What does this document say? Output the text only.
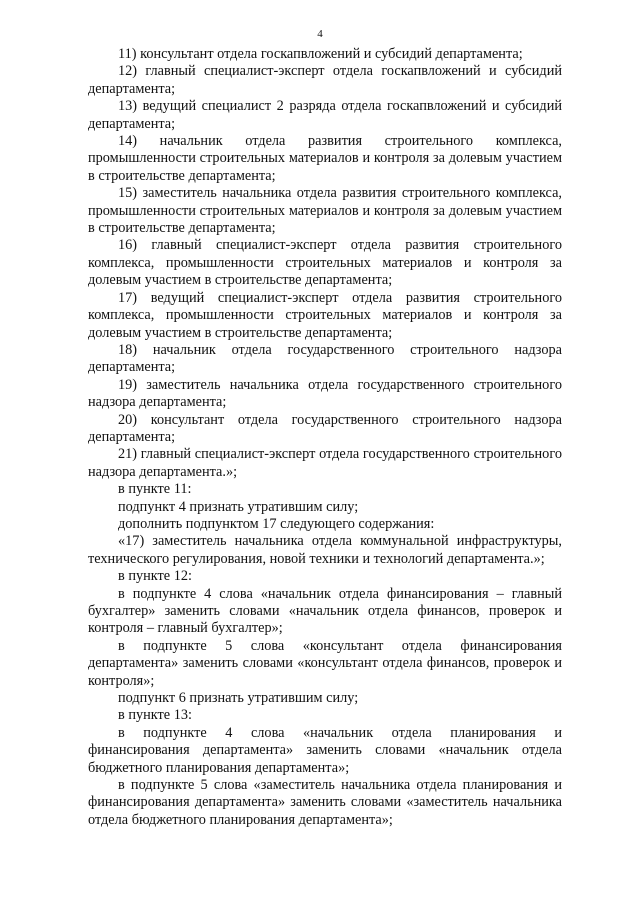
4

11) консультант отдела госкапвложений и субсидий департамента;

12) главный специалист-эксперт отдела госкапвложений и субсидий департамента;

13) ведущий специалист 2 разряда отдела госкапвложений и субсидий департамента;

14) начальник отдела развития строительного комплекса, промышленности строительных материалов и контроля за долевым участием в строительстве департамента;

15) заместитель начальника отдела развития строительного комплекса, промышленности строительных материалов и контроля за долевым участием в строительстве департамента;

16) главный специалист-эксперт отдела развития строительного комплекса, промышленности строительных материалов и контроля за долевым участием в строительстве департамента;

17) ведущий специалист-эксперт отдела развития строительного комплекса, промышленности строительных материалов и контроля за долевым участием в строительстве департамента;

18) начальник отдела государственного строительного надзора департамента;

19) заместитель начальника отдела государственного строительного надзора департамента;

20) консультант отдела государственного строительного надзора департамента;

21) главный специалист-эксперт отдела государственного строительного надзора департамента.»;

в пункте 11:

подпункт 4 признать утратившим силу;

дополнить подпунктом 17 следующего содержания:

«17) заместитель начальника отдела коммунальной инфраструктуры, технического регулирования, новой техники и технологий департамента.»;

в пункте 12:

в подпункте 4 слова «начальник отдела финансирования – главный бухгалтер» заменить словами «начальник отдела финансов, проверок и контроля – главный бухгалтер»;

в подпункте 5 слова «консультант отдела финансирования департамента» заменить словами «консультант отдела финансов, проверок и контроля»;

подпункт 6 признать утратившим силу;

в пункте 13:

в подпункте 4 слова «начальник отдела планирования и финансирования департамента» заменить словами «начальник отдела бюджетного планирования департамента»;

в подпункте 5 слова «заместитель начальника отдела планирования и финансирования департамента» заменить словами «заместитель начальника отдела бюджетного планирования департамента»;
